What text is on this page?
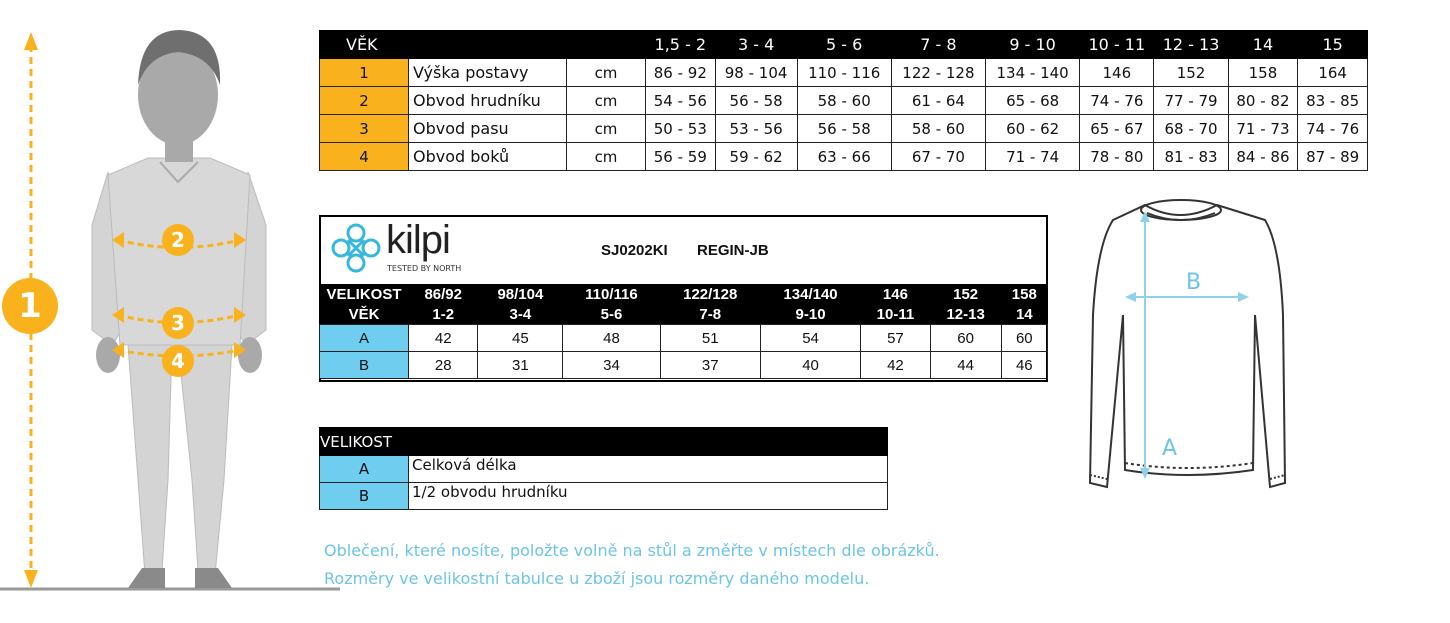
1
2
3
4
VĚK			1,5 - 2	3 - 4	5 - 6	7 - 8	9 - 10	10 - 11	12 - 13	14	15
1	Výška postavy	cm	86 - 92	98 - 104	110 - 116	122 - 128	134 - 140	146	152	158	164
2	Obvod hrudníku	cm	54 - 56	56 - 58	58 - 60	61 - 64	65 - 68	74 - 76	77 - 79	80 - 82	83 - 85
3	Obvod pasu	cm	50 - 53	53 - 56	56 - 58	58 - 60	60 - 62	65 - 67	68 - 70	71 - 73	74 - 76
4	Obvod boků	cm	56 - 59	59 - 62	63 - 66	67 - 70	71 - 74	78 - 80	81 - 83	84 - 86	87 - 89
kilpi
TESTED BY NORTH
SJ0202KI REGIN-JB
VELIKOST	86/92	98/104	110/116	122/128	134/140	146	152	158
VĚK	1-2	3-4	5-6	7-8	9-10	10-11	12-13	14
A	42	45	48	51	54	57	60	60
B	28	31	34	37	40	42	44	46
VELIKOST	
A	Celková délka
B	1/2 obvodu hrudníku
B
A
Oblečení, které nosíte, položte volně na stůl a změřte v místech dle obrázků.
Rozměry ve velikostní tabulce u zboží jsou rozměry daného modelu.
